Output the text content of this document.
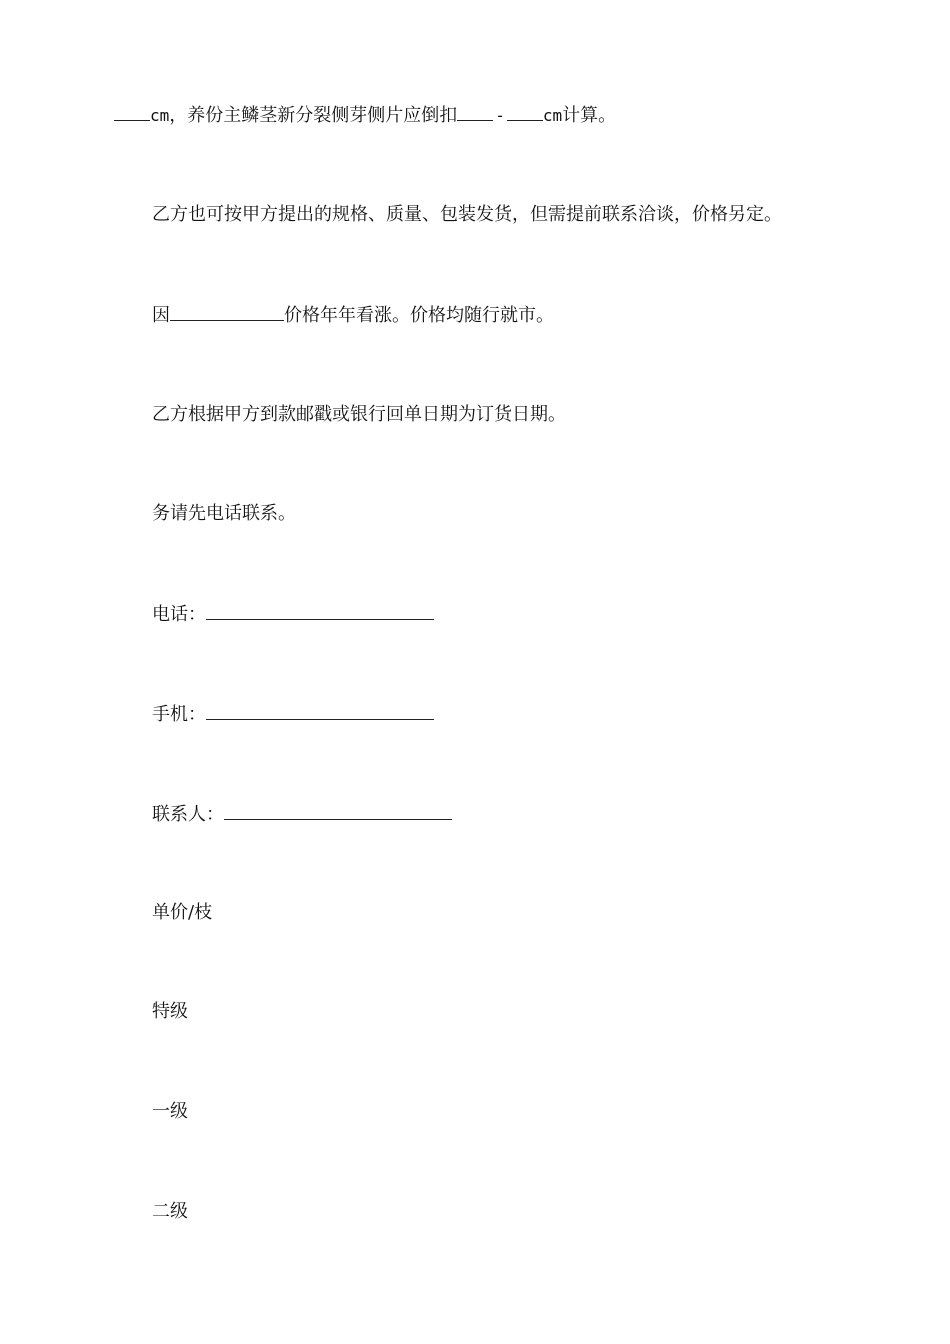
cm，养份主鳞茎新分裂侧芽侧片应倒扣 - cm计算。
乙方也可按甲方提出的规格、质量、包装发货，但需提前联系洽谈，价格另定。
因	价格年年看涨。价格均随行就市。
乙方根据甲方到款邮戳或银行回单日期为订货日期。
务请先电话联系。
电话：
手机：
联系人：
单价/枝
特级
一级
二级
